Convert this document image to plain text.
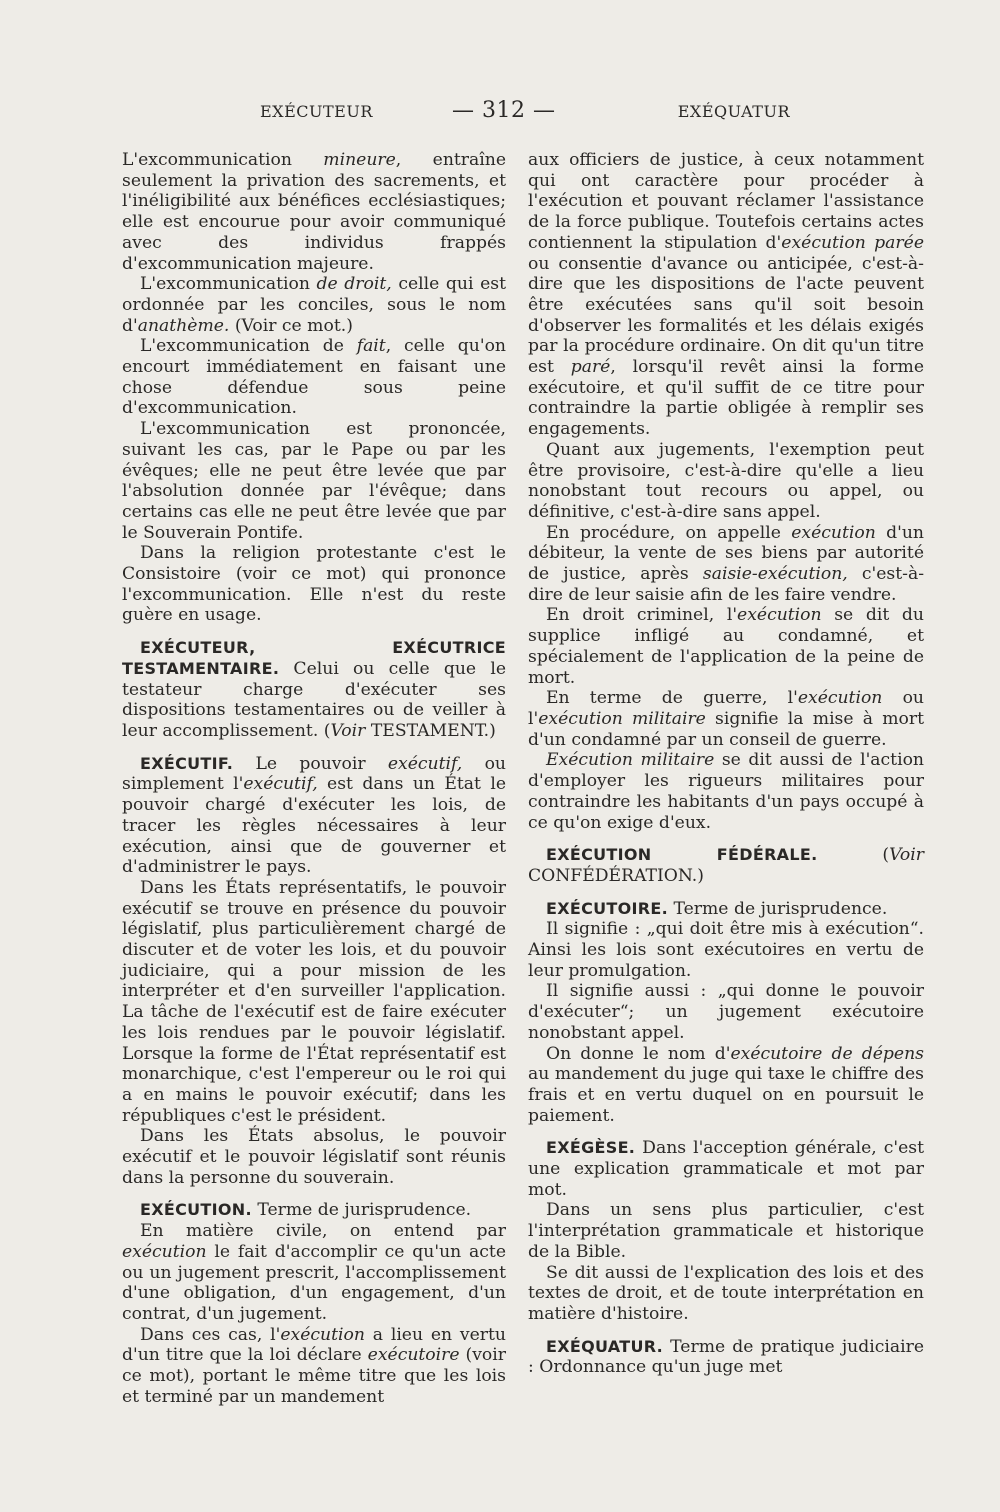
EXÉCUTEUR	— 312 —	EXÉQUATUR

L'excommunication mineure, entraîne seulement la privation des sacrements, et l'inéligibilité aux bénéfices ecclésiastiques; elle est encourue pour avoir communiqué avec des individus frappés d'excommunication majeure.

L'excommunication de droit, celle qui est ordonnée par les conciles, sous le nom d'anathème. (Voir ce mot.)

L'excommunication de fait, celle qu'on encourt immédiatement en faisant une chose défendue sous peine d'excommunication.

L'excommunication est prononcée, suivant les cas, par le Pape ou par les évêques; elle ne peut être levée que par l'absolution donnée par l'évêque; dans certains cas elle ne peut être levée que par le Souverain Pontife.

Dans la religion protestante c'est le Consistoire (voir ce mot) qui prononce l'excommunication. Elle n'est du reste guère en usage.

EXÉCUTEUR, EXÉCUTRICE TESTAMENTAIRE. Celui ou celle que le testateur charge d'exécuter ses dispositions testamentaires ou de veiller à leur accomplissement. (Voir TESTAMENT.)

EXÉCUTIF. Le pouvoir exécutif, ou simplement l'exécutif, est dans un État le pouvoir chargé d'exécuter les lois, de tracer les règles nécessaires à leur exécution, ainsi que de gouverner et d'administrer le pays.

Dans les États représentatifs, le pouvoir exécutif se trouve en présence du pouvoir législatif, plus particulièrement chargé de discuter et de voter les lois, et du pouvoir judiciaire, qui a pour mission de les interpréter et d'en surveiller l'application. La tâche de l'exécutif est de faire exécuter les lois rendues par le pouvoir législatif. Lorsque la forme de l'État représentatif est monarchique, c'est l'empereur ou le roi qui a en mains le pouvoir exécutif; dans les républiques c'est le président.

Dans les États absolus, le pouvoir exécutif et le pouvoir législatif sont réunis dans la personne du souverain.

EXÉCUTION. Terme de jurisprudence.

En matière civile, on entend par exécution le fait d'accomplir ce qu'un acte ou un jugement prescrit, l'accomplissement d'une obligation, d'un engagement, d'un contrat, d'un jugement.

Dans ces cas, l'exécution a lieu en vertu d'un titre que la loi déclare exécutoire (voir ce mot), portant le même titre que les lois et terminé par un mandement

aux officiers de justice, à ceux notamment qui ont caractère pour procéder à l'exécution et pouvant réclamer l'assistance de la force publique. Toutefois certains actes contiennent la stipulation d'exécution parée ou consentie d'avance ou anticipée, c'est-à-dire que les dispositions de l'acte peuvent être exécutées sans qu'il soit besoin d'observer les formalités et les délais exigés par la procédure ordinaire. On dit qu'un titre est paré, lorsqu'il revêt ainsi la forme exécutoire, et qu'il suffit de ce titre pour contraindre la partie obligée à remplir ses engagements.

Quant aux jugements, l'exemption peut être provisoire, c'est-à-dire qu'elle a lieu nonobstant tout recours ou appel, ou définitive, c'est-à-dire sans appel.

En procédure, on appelle exécution d'un débiteur, la vente de ses biens par autorité de justice, après saisie-exécution, c'est-à-dire de leur saisie afin de les faire vendre.

En droit criminel, l'exécution se dit du supplice infligé au condamné, et spécialement de l'application de la peine de mort.

En terme de guerre, l'exécution ou l'exécution militaire signifie la mise à mort d'un condamné par un conseil de guerre.

Exécution militaire se dit aussi de l'action d'employer les rigueurs militaires pour contraindre les habitants d'un pays occupé à ce qu'on exige d'eux.

EXÉCUTION FÉDÉRALE. (Voir CONFÉDÉRATION.)

EXÉCUTOIRE. Terme de jurisprudence.

Il signifie : „qui doit être mis à exécution“. Ainsi les lois sont exécutoires en vertu de leur promulgation.

Il signifie aussi : „qui donne le pouvoir d'exécuter“; un jugement exécutoire nonobstant appel.

On donne le nom d'exécutoire de dépens au mandement du juge qui taxe le chiffre des frais et en vertu duquel on en poursuit le paiement.

EXÉGÈSE. Dans l'acception générale, c'est une explication grammaticale et mot par mot.

Dans un sens plus particulier, c'est l'interprétation grammaticale et historique de la Bible.

Se dit aussi de l'explication des lois et des textes de droit, et de toute interprétation en matière d'histoire.

EXÉQUATUR. Terme de pratique judiciaire : Ordonnance qu'un juge met
